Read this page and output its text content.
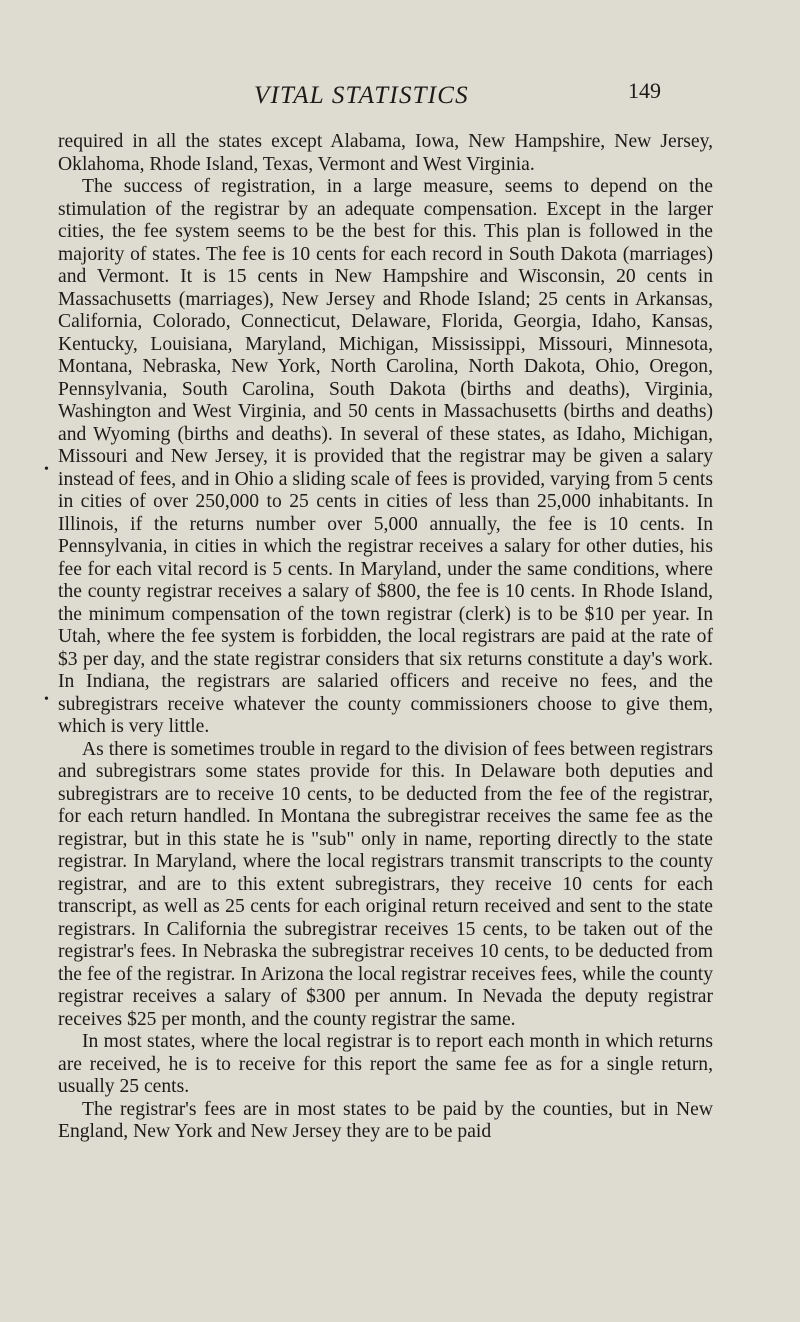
VITAL STATISTICS	149

required in all the states except Alabama, Iowa, New Hampshire, New Jersey, Oklahoma, Rhode Island, Texas, Vermont and West Virginia.

The success of registration, in a large measure, seems to depend on the stimulation of the registrar by an adequate compensation. Except in the larger cities, the fee system seems to be the best for this. This plan is followed in the majority of states. The fee is 10 cents for each record in South Dakota (marriages) and Vermont. It is 15 cents in New Hampshire and Wisconsin, 20 cents in Massachusetts (marriages), New Jersey and Rhode Island; 25 cents in Arkansas, California, Colorado, Connecticut, Delaware, Florida, Georgia, Idaho, Kansas, Kentucky, Louisiana, Maryland, Michigan, Mississippi, Missouri, Minnesota, Montana, Nebraska, New York, North Carolina, North Dakota, Ohio, Oregon, Pennsylvania, South Carolina, South Dakota (births and deaths), Virginia, Washington and West Virginia, and 50 cents in Massachusetts (births and deaths) and Wyoming (births and deaths). In several of these states, as Idaho, Michigan, Missouri and New Jersey, it is provided that the registrar may be given a salary instead of fees, and in Ohio a sliding scale of fees is provided, varying from 5 cents in cities of over 250,000 to 25 cents in cities of less than 25,000 inhabitants. In Illinois, if the returns number over 5,000 annually, the fee is 10 cents. In Pennsylvania, in cities in which the registrar receives a salary for other duties, his fee for each vital record is 5 cents. In Maryland, under the same conditions, where the county registrar receives a salary of $800, the fee is 10 cents. In Rhode Island, the minimum compensation of the town registrar (clerk) is to be $10 per year. In Utah, where the fee system is forbidden, the local registrars are paid at the rate of $3 per day, and the state registrar considers that six returns constitute a day's work. In Indiana, the registrars are salaried officers and receive no fees, and the subregistrars receive whatever the county commissioners choose to give them, which is very little.

As there is sometimes trouble in regard to the division of fees between registrars and subregistrars some states provide for this. In Delaware both deputies and subregistrars are to receive 10 cents, to be deducted from the fee of the registrar, for each return handled. In Montana the subregistrar receives the same fee as the registrar, but in this state he is "sub" only in name, reporting directly to the state registrar. In Maryland, where the local registrars transmit transcripts to the county registrar, and are to this extent subregistrars, they receive 10 cents for each transcript, as well as 25 cents for each original return received and sent to the state registrars. In California the subregistrar receives 15 cents, to be taken out of the registrar's fees. In Nebraska the subregistrar receives 10 cents, to be deducted from the fee of the registrar. In Arizona the local registrar receives fees, while the county registrar receives a salary of $300 per annum. In Nevada the deputy registrar receives $25 per month, and the county registrar the same.

In most states, where the local registrar is to report each month in which returns are received, he is to receive for this report the same fee as for a single return, usually 25 cents.

The registrar's fees are in most states to be paid by the counties, but in New England, New York and New Jersey they are to be paid

•
•
